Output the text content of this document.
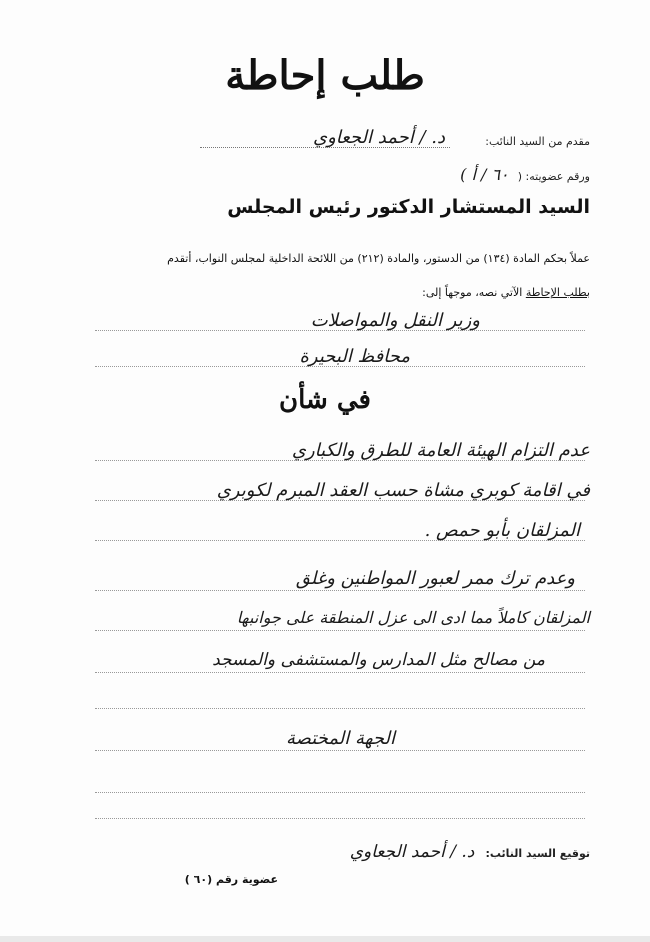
طلب إحاطة
مقدم من السيد النائب:
د. / أحمد الجعاوي
ورقم عضويته: ( ٦٠ / أ )
السيد المستشار الدكتور رئيس المجلس
عملاً بحكم المادة (١٣٤) من الدستور، والمادة (٢١٢) من اللائحة الداخلية لمجلس النواب، أتقدم
بطلب الإحاطة الآتي نصه، موجهاً إلى:
وزير النقل والمواصلات
محافظ البحيرة
في شأن
عدم التزام الهيئة العامة للطرق والكباري
في اقامة كوبري مشاة حسب العقد المبرم لكوبري
المزلقان بأبو حمص .
وعدم ترك ممر لعبور المواطنين وغلق
المزلقان كاملاً مما ادى الى عزل المنطقة على جوانبها
من مصالح مثل المدارس والمستشفى والمسجد
الجهة المختصة
توقيع السيد النائب: د. / أحمد الجعاوي
عضوية رقم (٦٠ )
